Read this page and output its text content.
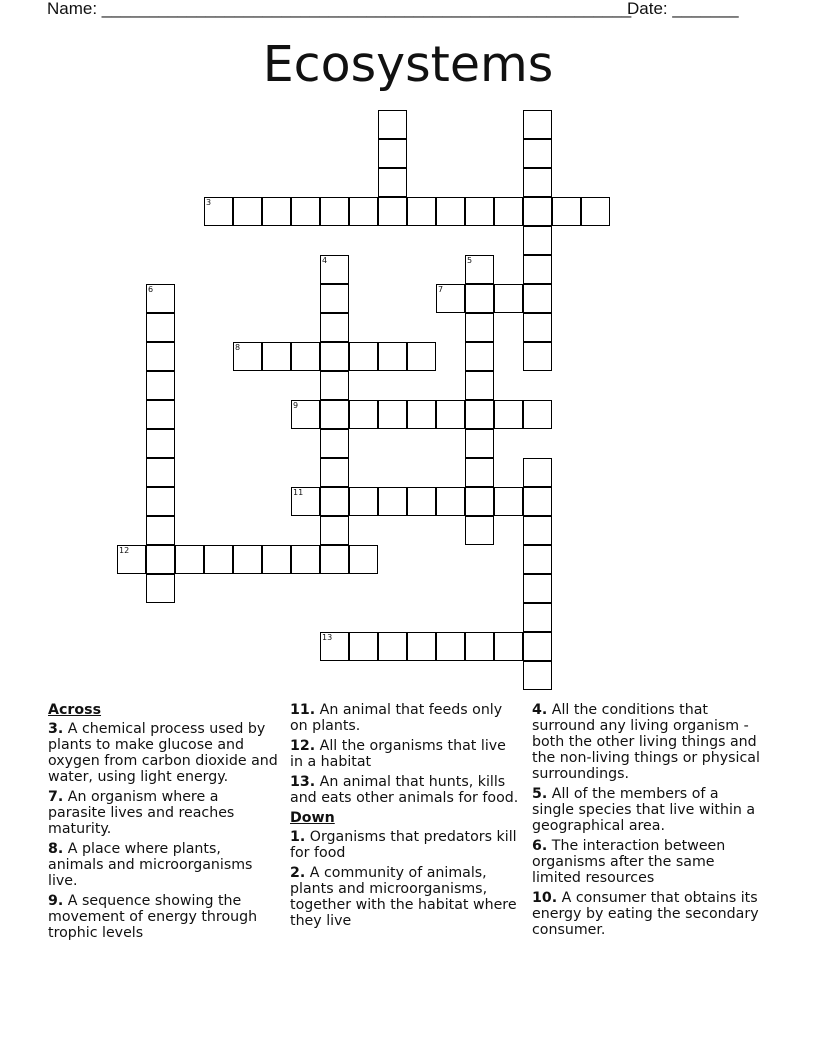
Name: ________________________________________________________
Date: _______
Ecosystems
3
4	5
6	7
8
9
11
12
13
Across
3. A chemical process used by plants to make glucose and oxygen from carbon dioxide and water, using light energy.
7. An organism where a parasite lives and reaches maturity.
8. A place where plants, animals and microorganisms live.
9. A sequence showing the movement of energy through trophic levels
11. An animal that feeds only on plants.
12. All the organisms that live in a habitat
13. An animal that hunts, kills and eats other animals for food.
Down
1. Organisms that predators kill for food
2. A community of animals, plants and microorganisms, together with the habitat where they live
4. All the conditions that surround any living organism - both the other living things and the non-living things or physical surroundings.
5. All of the members of a single species that live within a geographical area.
6. The interaction between organisms after the same limited resources
10. A consumer that obtains its energy by eating the secondary consumer.
